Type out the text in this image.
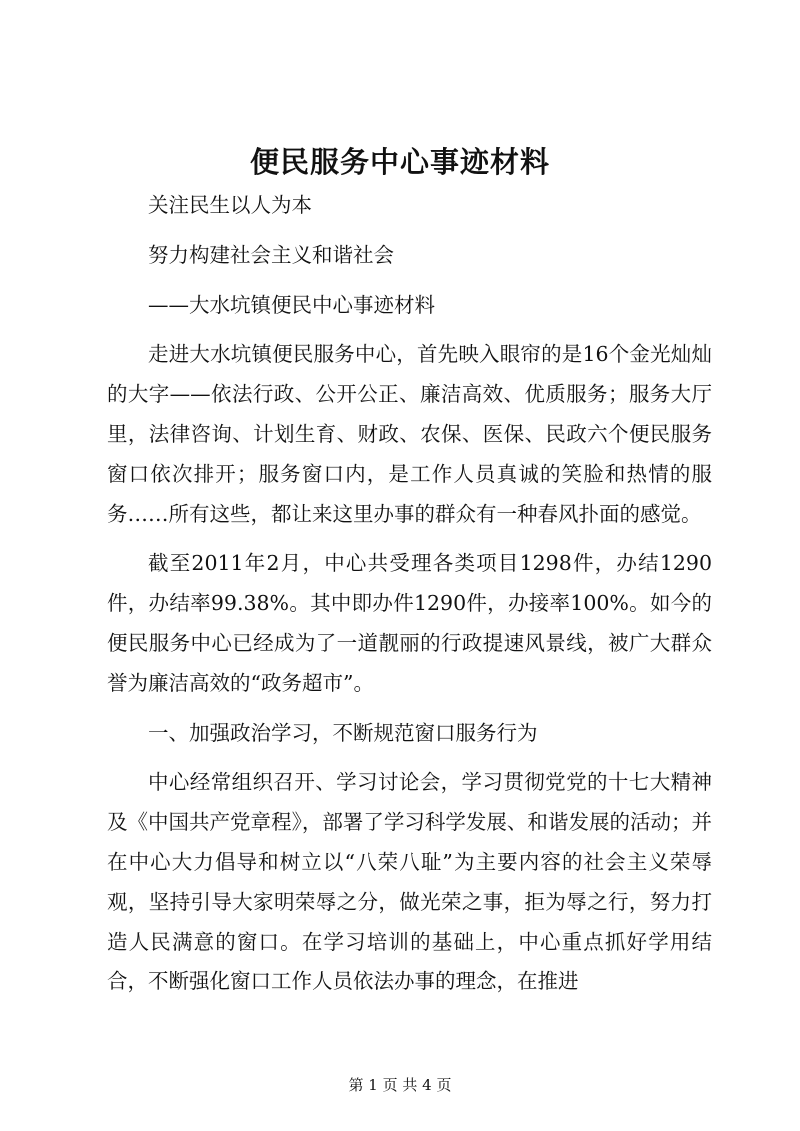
便民服务中心事迹材料

关注民生以人为本

努力构建社会主义和谐社会

——大水坑镇便民中心事迹材料

走进大水坑镇便民服务中心，首先映入眼帘的是16个金光灿灿的大字——依法行政、公开公正、廉洁高效、优质服务；服务大厅里，法律咨询、计划生育、财政、农保、医保、民政六个便民服务窗口依次排开；服务窗口内，是工作人员真诚的笑脸和热情的服务……所有这些，都让来这里办事的群众有一种春风扑面的感觉。

截至2011年2月，中心共受理各类项目1298件，办结1290件，办结率99.38%。其中即办件1290件，办接率100%。如今的便民服务中心已经成为了一道靓丽的行政提速风景线，被广大群众誉为廉洁高效的“政务超市”。

一、加强政治学习，不断规范窗口服务行为

中心经常组织召开、学习讨论会，学习贯彻党党的十七大精神及《中国共产党章程》，部署了学习科学发展、和谐发展的活动；并在中心大力倡导和树立以“八荣八耻”为主要内容的社会主义荣辱观，坚持引导大家明荣辱之分，做光荣之事，拒为辱之行，努力打造人民满意的窗口。在学习培训的基础上，中心重点抓好学用结合，不断强化窗口工作人员依法办事的理念，在推进

第 1 页 共 4 页
